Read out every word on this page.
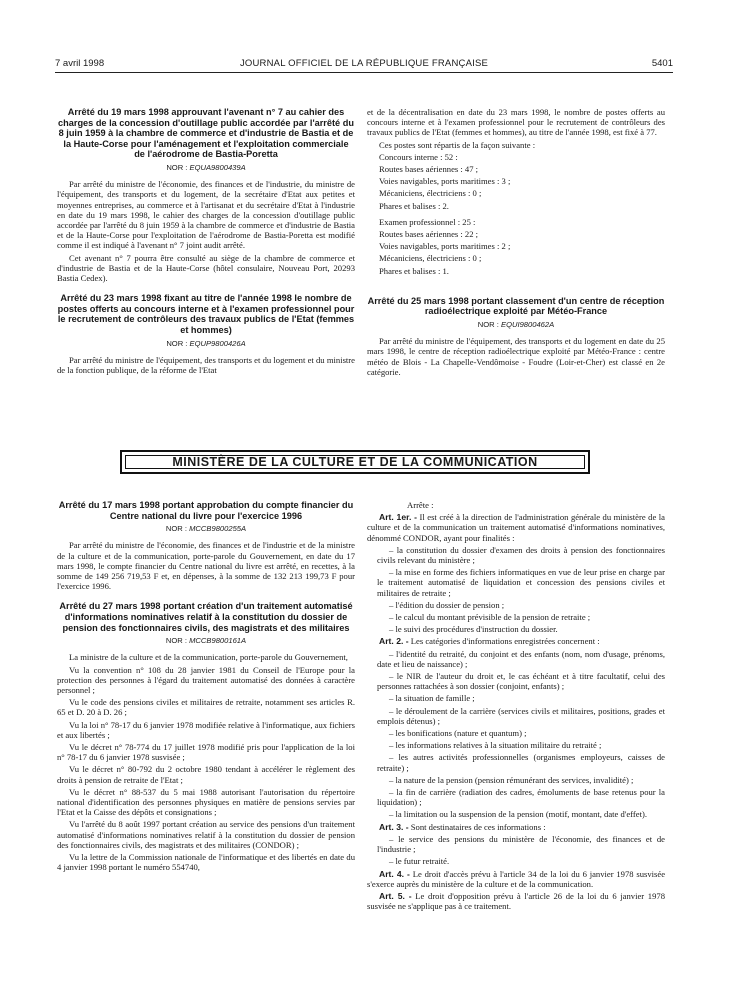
7 avril 1998	JOURNAL OFFICIEL DE LA RÉPUBLIQUE FRANÇAISE	5401
Arrêté du 19 mars 1998 approuvant l'avenant n° 7 au cahier des charges de la concession d'outillage public accordée par l'arrêté du 8 juin 1959 à la chambre de commerce et d'industrie de Bastia et de la Haute-Corse pour l'aménagement et l'exploitation commerciale de l'aérodrome de Bastia-Poretta
NOR : EQUA9800439A

Par arrêté du ministre de l'économie, des finances et de l'industrie, du ministre de l'équipement, des transports et du logement, de la secrétaire d'Etat aux petites et moyennes entreprises, au commerce et à l'artisanat et du secrétaire d'Etat à l'industrie en date du 19 mars 1998, le cahier des charges de la concession d'outillage public accordée par l'arrêté du 8 juin 1959 à la chambre de commerce et d'industrie de Bastia et de la Haute-Corse pour l'exploitation de l'aérodrome de Bastia-Poretta est modifié comme il est indiqué à l'avenant n° 7 joint audit arrêté.

Cet avenant n° 7 pourra être consulté au siège de la chambre de commerce et d'industrie de Bastia et de la Haute-Corse (hôtel consulaire, Nouveau Port, 20293 Bastia Cedex).

Arrêté du 23 mars 1998 fixant au titre de l'année 1998 le nombre de postes offerts au concours interne et à l'examen professionnel pour le recrutement de contrôleurs des travaux publics de l'Etat (femmes et hommes)
NOR : EQUP9800426A

Par arrêté du ministre de l'équipement, des transports et du logement et du ministre de la fonction publique, de la réforme de l'Etat

et de la décentralisation en date du 23 mars 1998, le nombre de postes offerts au concours interne et à l'examen professionnel pour le recrutement de contrôleurs des travaux publics de l'Etat (femmes et hommes), au titre de l'année 1998, est fixé à 77.

Ces postes sont répartis de la façon suivante :

Concours interne : 52 :

Routes bases aériennes : 47 ;

Voies navigables, ports maritimes : 3 ;

Mécaniciens, électriciens : 0 ;

Phares et balises : 2.

Examen professionnel : 25 :

Routes bases aériennes : 22 ;

Voies navigables, ports maritimes : 2 ;

Mécaniciens, électriciens : 0 ;

Phares et balises : 1.

Arrêté du 25 mars 1998 portant classement d'un centre de réception radioélectrique exploité par Météo-France
NOR : EQUI9800462A

Par arrêté du ministre de l'équipement, des transports et du logement en date du 25 mars 1998, le centre de réception radioélectrique exploité par Météo-France : centre météo de Blois - La Chapelle-Vendômoise - Foudre (Loir-et-Cher) est classé en 2e catégorie.

MINISTÈRE DE LA CULTURE ET DE LA COMMUNICATION
Arrêté du 17 mars 1998 portant approbation du compte financier du Centre national du livre pour l'exercice 1996
NOR : MCCB9800255A

Par arrêté du ministre de l'économie, des finances et de l'industrie et de la ministre de la culture et de la communication, porte-parole du Gouvernement, en date du 17 mars 1998, le compte financier du Centre national du livre est arrêté, en recettes, à la somme de 149 256 719,53 F et, en dépenses, à la somme de 132 213 199,73 F pour l'exercice 1996.

Arrêté du 27 mars 1998 portant création d'un traitement automatisé d'informations nominatives relatif à la constitution du dossier de pension des fonctionnaires civils, des magistrats et des militaires
NOR : MCCB9800161A

La ministre de la culture et de la communication, porte-parole du Gouvernement,

Vu la convention n° 108 du 28 janvier 1981 du Conseil de l'Europe pour la protection des personnes à l'égard du traitement automatisé des données à caractère personnel ;

Vu le code des pensions civiles et militaires de retraite, notamment ses articles R. 65 et D. 20 à D. 26 ;

Vu la loi n° 78-17 du 6 janvier 1978 modifiée relative à l'informatique, aux fichiers et aux libertés ;

Vu le décret n° 78-774 du 17 juillet 1978 modifié pris pour l'application de la loi n° 78-17 du 6 janvier 1978 susvisée ;

Vu le décret n° 80-792 du 2 octobre 1980 tendant à accélérer le règlement des droits à pension de retraite de l'Etat ;

Vu le décret n° 88-537 du 5 mai 1988 autorisant l'autorisation du répertoire national d'identification des personnes physiques en matière de pensions servies par l'Etat et la Caisse des dépôts et consignations ;

Vu l'arrêté du 8 août 1997 portant création au service des pensions d'un traitement automatisé d'informations nominatives relatif à la constitution du dossier de pension des fonctionnaires civils, des magistrats et des militaires (CONDOR) ;

Vu la lettre de la Commission nationale de l'informatique et des libertés en date du 4 janvier 1998 portant le numéro 554740,

Arrête :

Art. 1er. - Il est créé à la direction de l'administration générale du ministère de la culture et de la communication un traitement automatisé d'informations nominatives, dénommé CONDOR, ayant pour finalités :

– la constitution du dossier d'examen des droits à pension des fonctionnaires civils relevant du ministère ;

– la mise en forme des fichiers informatiques en vue de leur prise en charge par le traitement automatisé de liquidation et concession des pensions civiles et militaires de retraite ;

– l'édition du dossier de pension ;

– le calcul du montant prévisible de la pension de retraite ;

– le suivi des procédures d'instruction du dossier.

Art. 2. - Les catégories d'informations enregistrées concernent :

– l'identité du retraité, du conjoint et des enfants (nom, nom d'usage, prénoms, date et lieu de naissance) ;

– le NIR de l'auteur du droit et, le cas échéant et à titre facultatif, celui des personnes rattachées à son dossier (conjoint, enfants) ;

– la situation de famille ;

– le déroulement de la carrière (services civils et militaires, positions, grades et emplois détenus) ;

– les bonifications (nature et quantum) ;

– les informations relatives à la situation militaire du retraité ;

– les autres activités professionnelles (organismes employeurs, caisses de retraite) ;

– la nature de la pension (pension rémunérant des services, invalidité) ;

– la fin de carrière (radiation des cadres, émoluments de base retenus pour la liquidation) ;

– la limitation ou la suspension de la pension (motif, montant, date d'effet).

Art. 3. - Sont destinataires de ces informations :

– le service des pensions du ministère de l'économie, des finances et de l'industrie ;

– le futur retraité.

Art. 4. - Le droit d'accès prévu à l'article 34 de la loi du 6 janvier 1978 susvisée s'exerce auprès du ministère de la culture et de la communication.

Art. 5. - Le droit d'opposition prévu à l'article 26 de la loi du 6 janvier 1978 susvisée ne s'applique pas à ce traitement.
